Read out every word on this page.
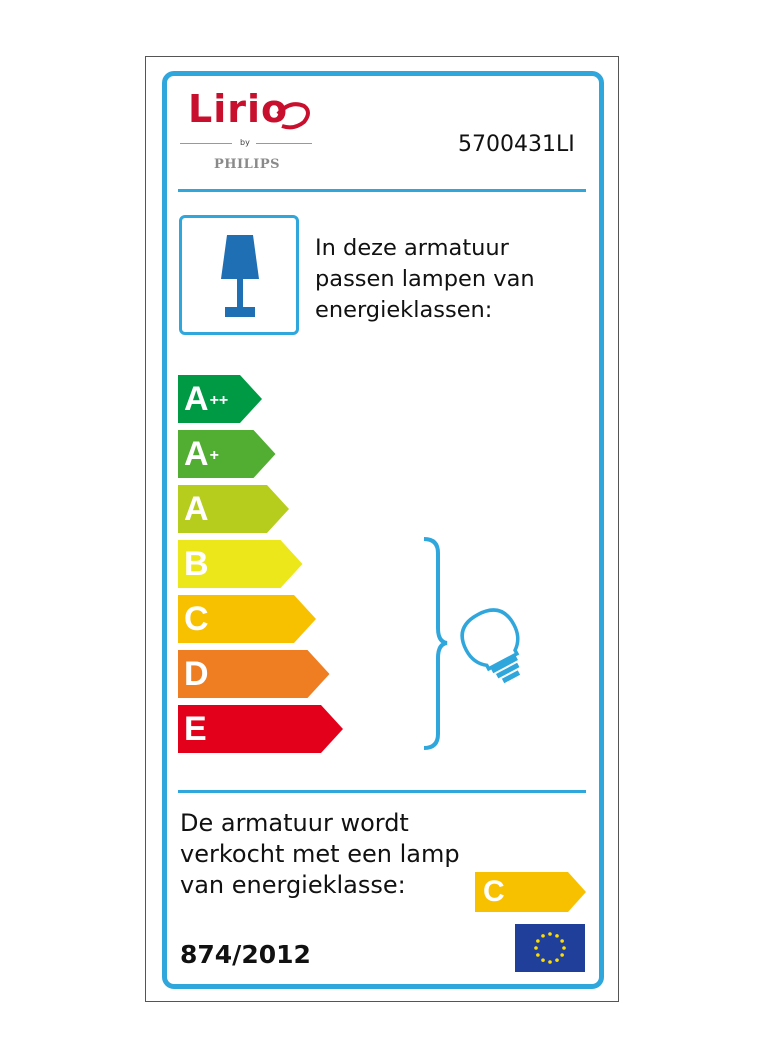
Lirio
by
PHILIPS
5700431LI
In deze armatuur
passen lampen van
energieklassen:
A++
A+
A
B
C
D
E
De armatuur wordt
verkocht met een lamp
van energieklasse:	C
874/2012
